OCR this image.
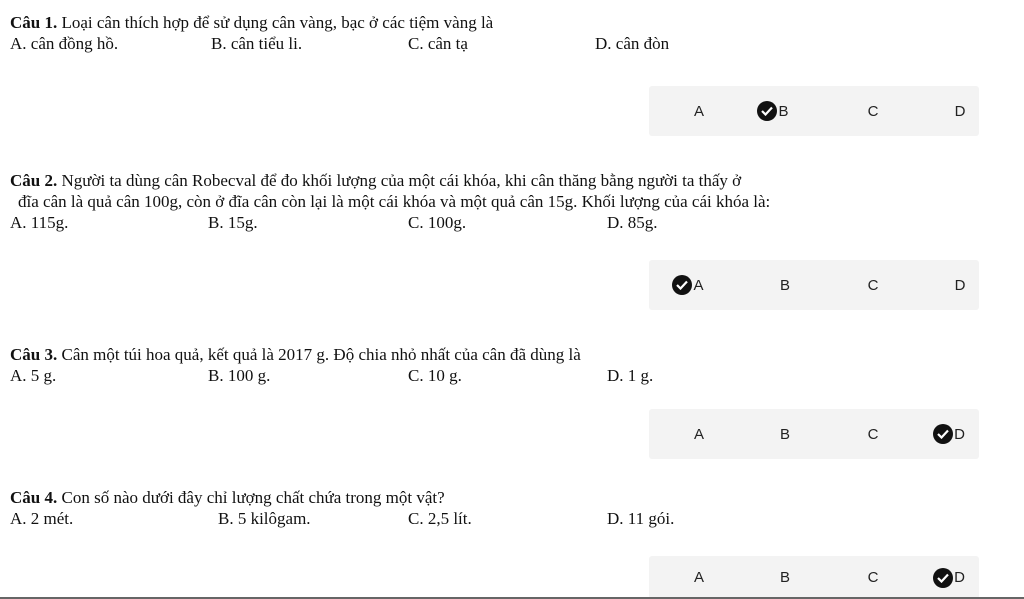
Câu 1. Loại cân thích hợp để sử dụng cân vàng, bạc ở các tiệm vàng là
A. cân đồng hồ.	B. cân tiểu li.	C. cân tạ	D. cân đòn
A	B	C	D
Câu 2. Người ta dùng cân Robecval để đo khối lượng của một cái khóa, khi cân thăng bằng người ta thấy ở
đĩa cân là quả cân 100g, còn ở đĩa cân còn lại là một cái khóa và một quả cân 15g. Khối lượng của cái khóa là:
A. 115g.	B. 15g.	C. 100g.	D. 85g.
A	B	C	D
Câu 3. Cân một túi hoa quả, kết quả là 2017 g. Độ chia nhỏ nhất của cân đã dùng là
A. 5 g.	B. 100 g.	C. 10 g.	D. 1 g.
A	B	C	D
Câu 4. Con số nào dưới đây chỉ lượng chất chứa trong một vật?
A. 2 mét.	B. 5 kilôgam.	C. 2,5 lít.	D. 11 gói.
A	B	C	D
